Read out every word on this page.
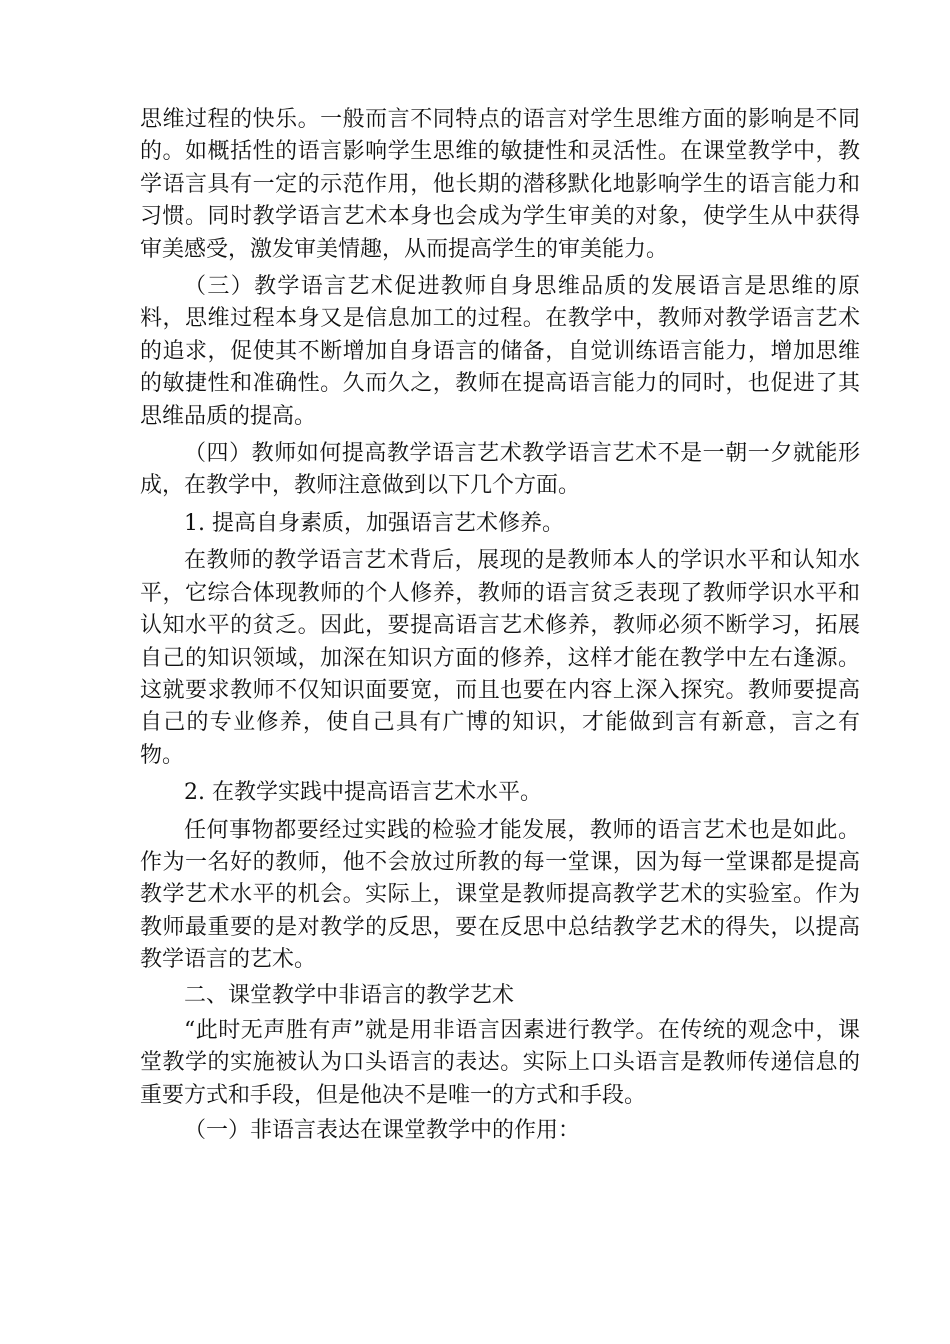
思维过程的快乐。一般而言不同特点的语言对学生思维方面的影响是不同的。如概括性的语言影响学生思维的敏捷性和灵活性。在课堂教学中，教学语言具有一定的示范作用，他长期的潜移默化地影响学生的语言能力和习惯。同时教学语言艺术本身也会成为学生审美的对象，使学生从中获得审美感受，激发审美情趣，从而提高学生的审美能力。

（三）教学语言艺术促进教师自身思维品质的发展语言是思维的原料，思维过程本身又是信息加工的过程。在教学中，教师对教学语言艺术的追求，促使其不断增加自身语言的储备，自觉训练语言能力，增加思维的敏捷性和准确性。久而久之，教师在提高语言能力的同时，也促进了其思维品质的提高。

（四）教师如何提高教学语言艺术教学语言艺术不是一朝一夕就能形成，在教学中，教师注意做到以下几个方面。

1. 提高自身素质，加强语言艺术修养。

在教师的教学语言艺术背后，展现的是教师本人的学识水平和认知水平，它综合体现教师的个人修养，教师的语言贫乏表现了教师学识水平和认知水平的贫乏。因此，要提高语言艺术修养，教师必须不断学习，拓展自己的知识领域，加深在知识方面的修养，这样才能在教学中左右逢源。这就要求教师不仅知识面要宽，而且也要在内容上深入探究。教师要提高自己的专业修养，使自己具有广博的知识，才能做到言有新意，言之有物。

2. 在教学实践中提高语言艺术水平。

任何事物都要经过实践的检验才能发展，教师的语言艺术也是如此。作为一名好的教师，他不会放过所教的每一堂课，因为每一堂课都是提高教学艺术水平的机会。实际上，课堂是教师提高教学艺术的实验室。作为教师最重要的是对教学的反思，要在反思中总结教学艺术的得失，以提高教学语言的艺术。

二、课堂教学中非语言的教学艺术

“此时无声胜有声”就是用非语言因素进行教学。在传统的观念中，课堂教学的实施被认为口头语言的表达。实际上口头语言是教师传递信息的重要方式和手段，但是他决不是唯一的方式和手段。

（一）非语言表达在课堂教学中的作用：
